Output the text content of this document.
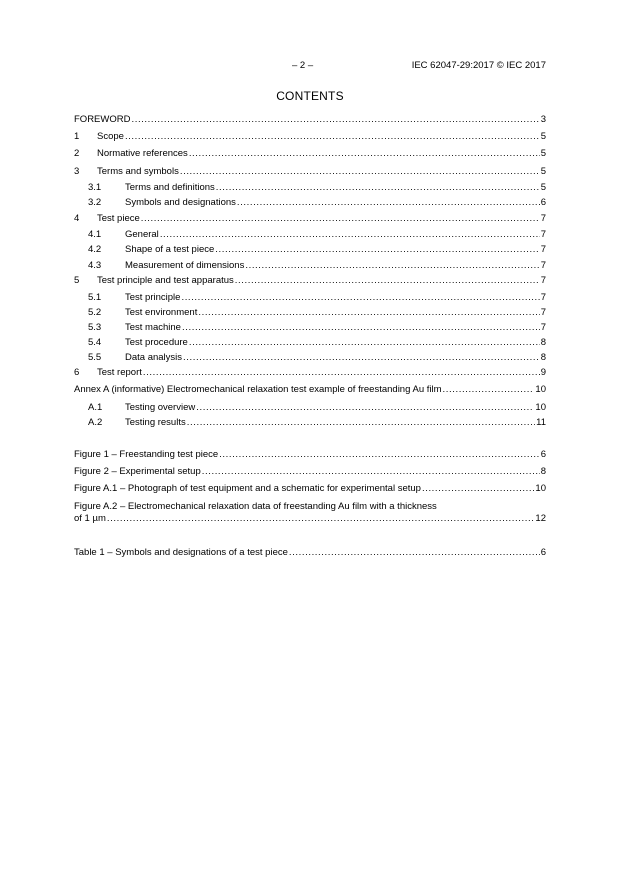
– 2 –	IEC 62047-29:2017 © IEC 2017
CONTENTS
FOREWORD .....	3
1	Scope .....	5
2	Normative references .....	5
3	Terms and symbols .....	5
3.1	Terms and definitions .....	5
3.2	Symbols and designations .....	6
4	Test piece .....	7
4.1	General .....	7
4.2	Shape of a test piece .....	7
4.3	Measurement of dimensions .....	7
5	Test principle and test apparatus .....	7
5.1	Test principle .....	7
5.2	Test environment .....	7
5.3	Test machine .....	7
5.4	Test procedure .....	8
5.5	Data analysis .....	8
6	Test report .....	9
Annex A (informative) Electromechanical relaxation test example of freestanding Au film .....	10
A.1	Testing overview .....	10
A.2	Testing results .....	11
Figure 1 – Freestanding test piece .....	6
Figure 2 – Experimental setup .....	8
Figure A.1 – Photograph of test equipment and a schematic for experimental setup .....	10
Figure A.2 – Electromechanical relaxation data of freestanding Au film with a thickness
of 1 µm .....	12
Table 1 – Symbols and designations of a test piece .....	6
